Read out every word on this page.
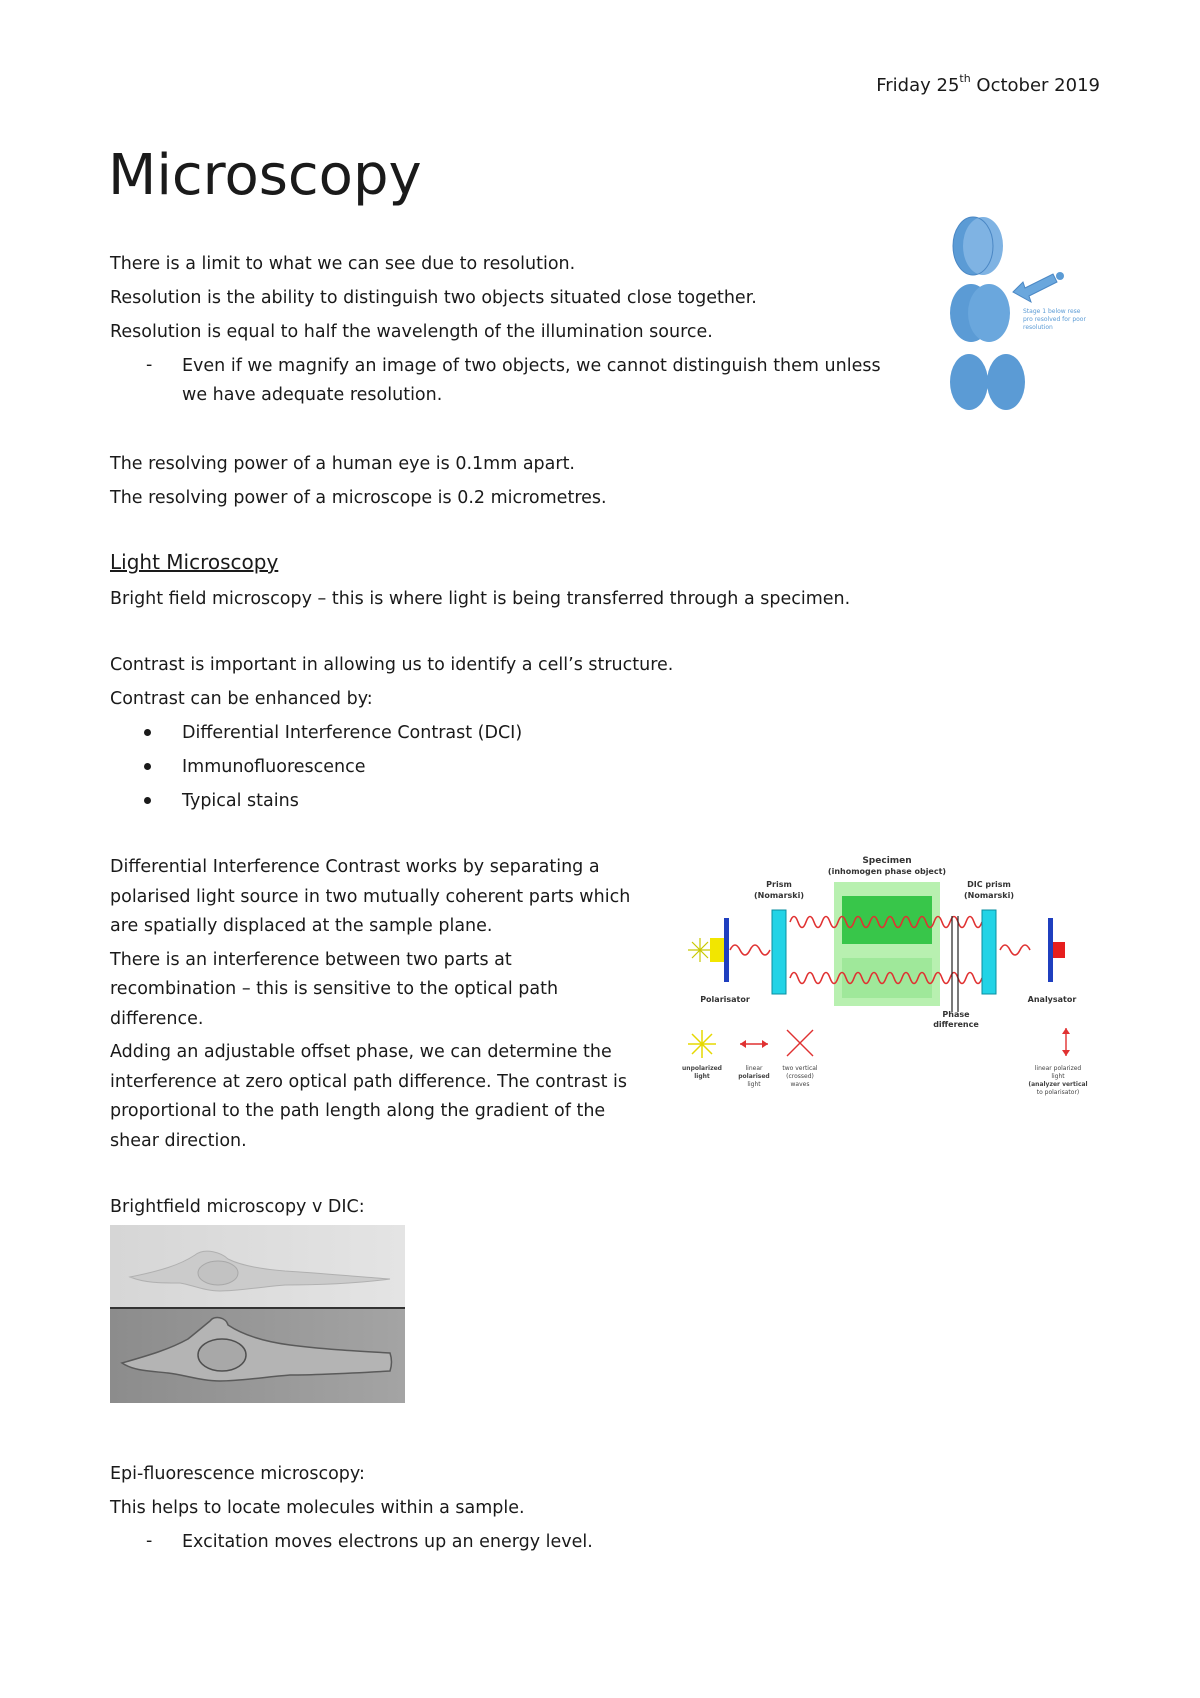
Friday 25th October 2019
Microscopy
There is a limit to what we can see due to resolution.
Resolution is the ability to distinguish two objects situated close together.
Resolution is equal to half the wavelength of the illumination source.
- Even if we magnify an image of two objects, we cannot distinguish them unless
we have adequate resolution.
The resolving power of a human eye is 0.1mm apart.
The resolving power of a microscope is 0.2 micrometres.
Stage 1 below rese
pro resolved for poor
resolution
Light Microscopy
Bright field microscopy – this is where light is being transferred through a specimen.
Contrast is important in allowing us to identify a cell’s structure.
Contrast can be enhanced by:
Differential Interference Contrast (DCI)
Immunofluorescence
Typical stains
Differential Interference Contrast works by separating a
polarised light source in two mutually coherent parts which
are spatially displaced at the sample plane.
There is an interference between two parts at
recombination – this is sensitive to the optical path
difference.
Adding an adjustable offset phase, we can determine the
interference at zero optical path difference. The contrast is
proportional to the path length along the gradient of the
shear direction.
Specimen
(inhomogen phase object)
Prism
(Nomarski)
DIC prism
(Nomarski)
Polarisator	Analysator
Phase
difference
unpolarized
light
linear
polarised
light
two vertical
(crossed)
waves
linear polarized
light
(analyzer vertical
to polarisator)
Brightfield microscopy v DIC:
Epi-fluorescence microscopy:
This helps to locate molecules within a sample.
- Excitation moves electrons up an energy level.
